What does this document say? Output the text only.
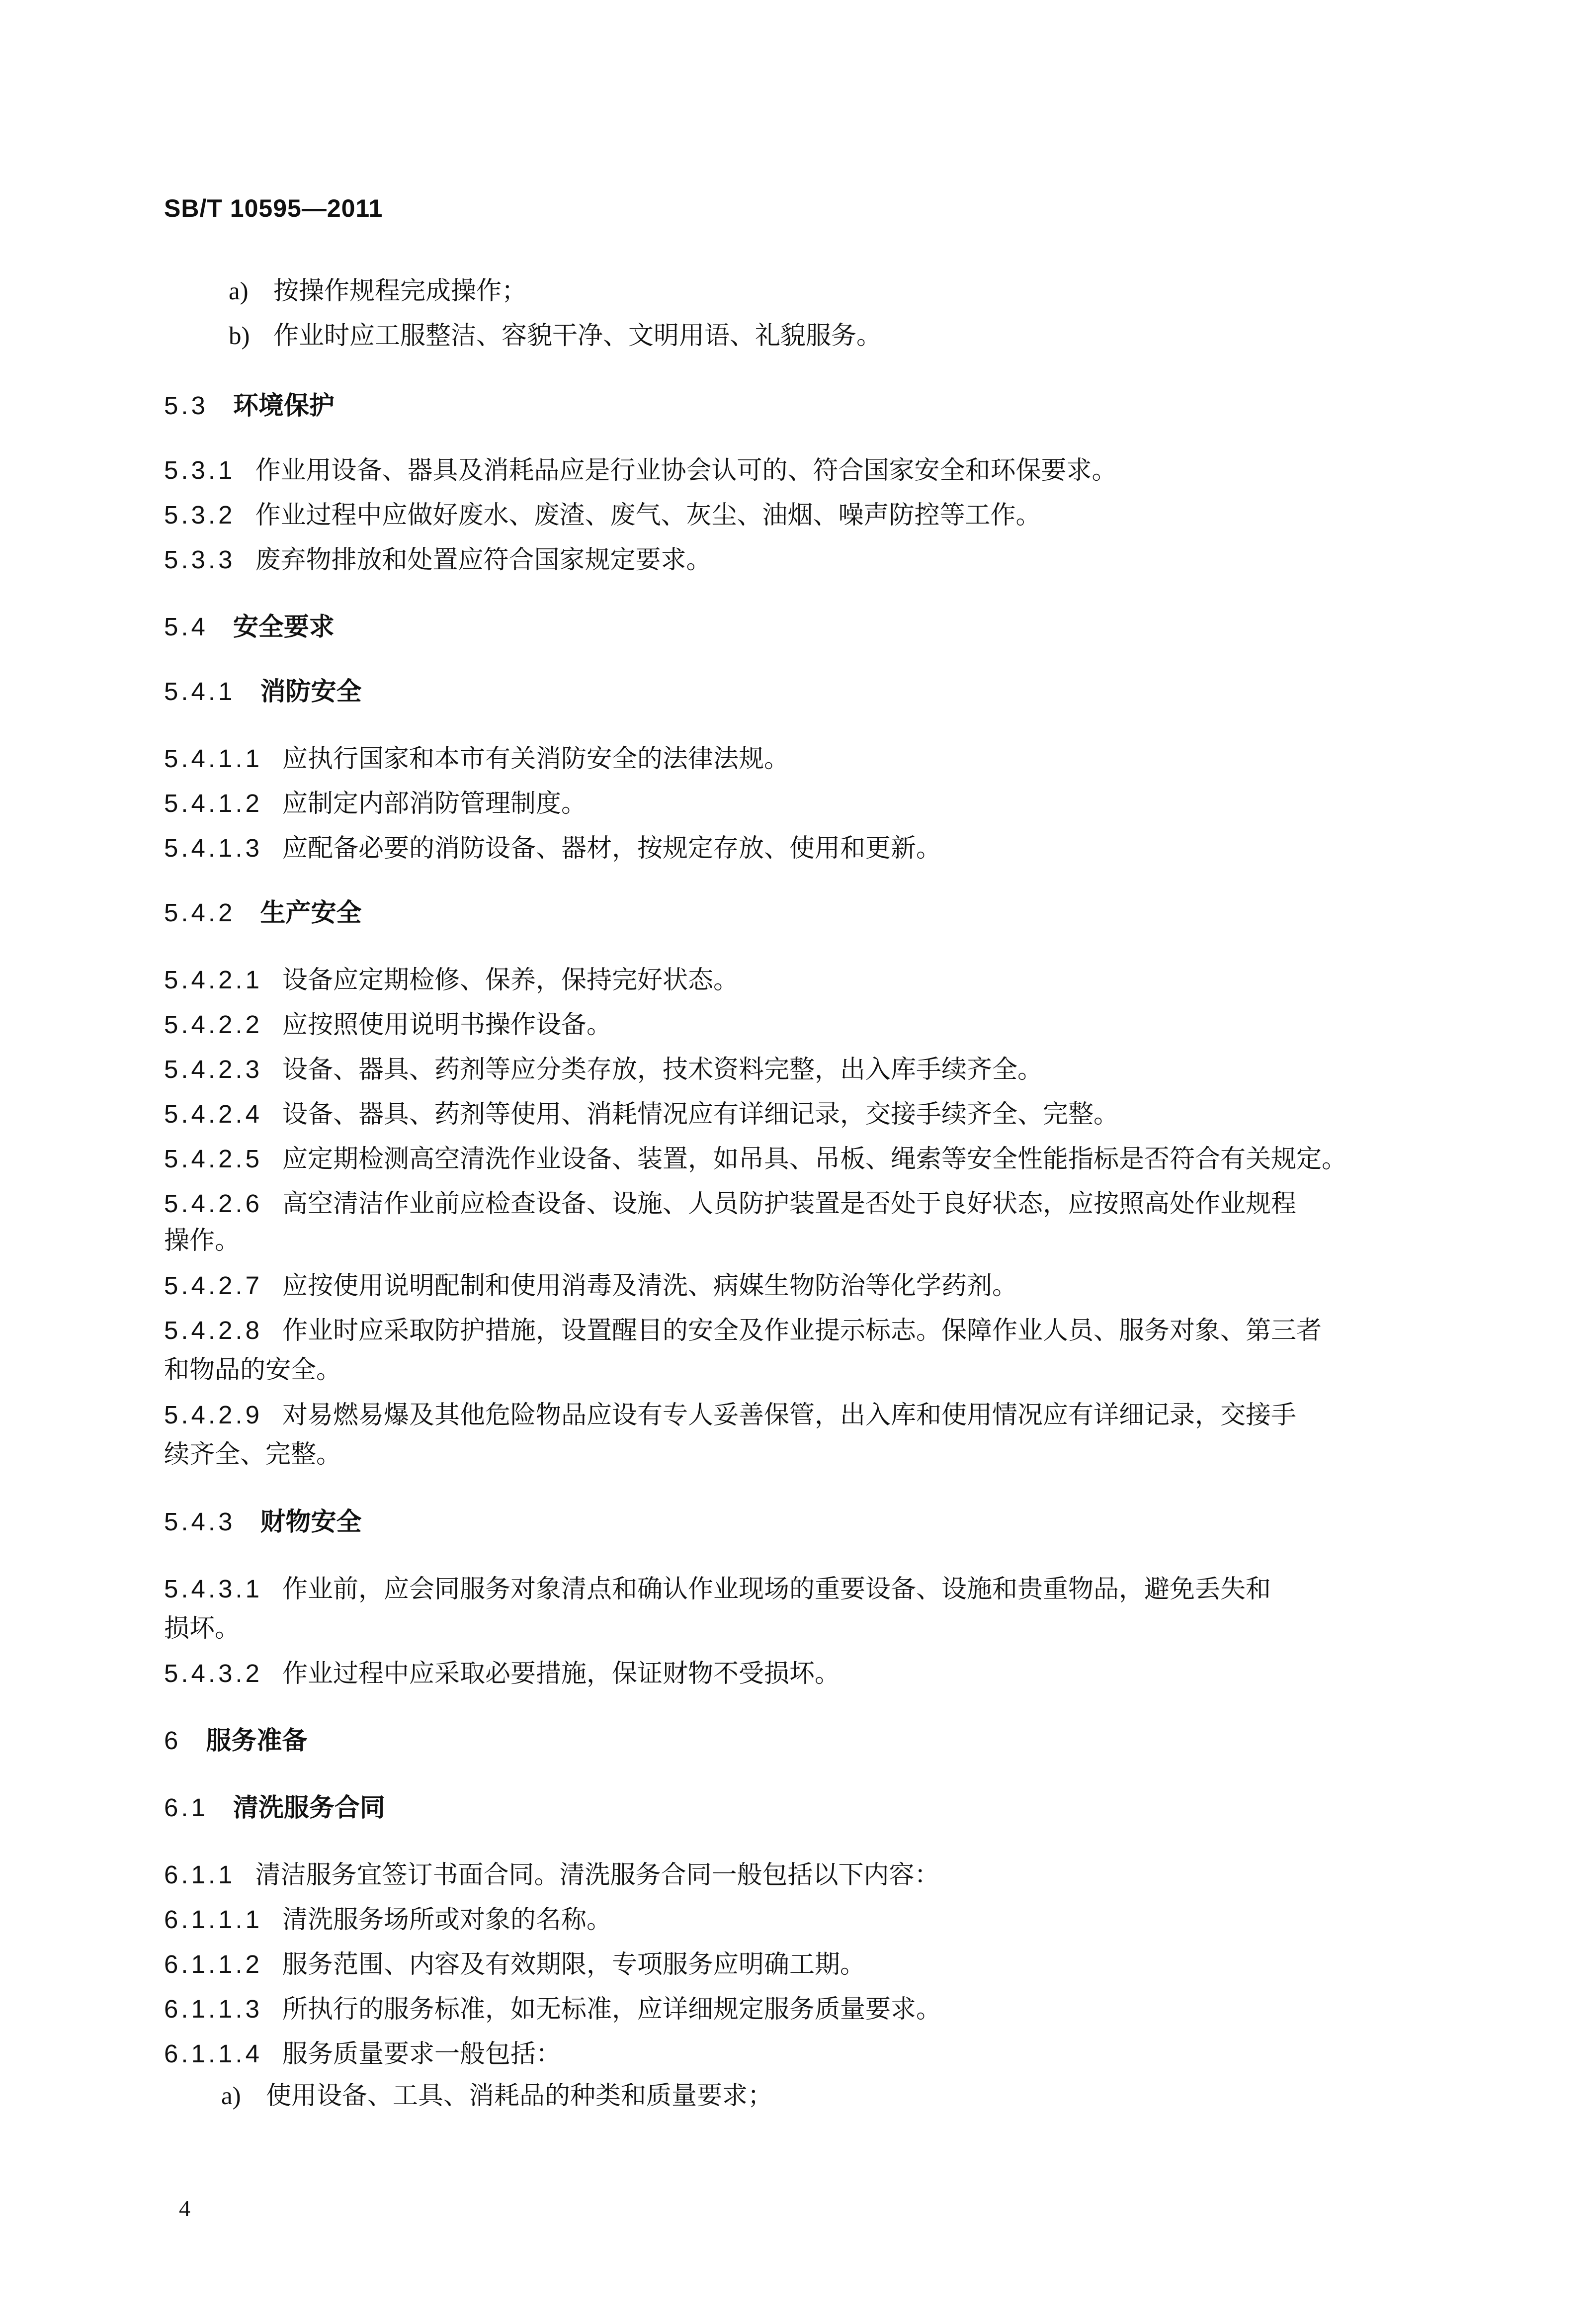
SB/T 10595—2011
a) 按操作规程完成操作；
b) 作业时应工服整洁、容貌干净、文明用语、礼貌服务。
5.3 环境保护
5.3.1 作业用设备、器具及消耗品应是行业协会认可的、符合国家安全和环保要求。
5.3.2 作业过程中应做好废水、废渣、废气、灰尘、油烟、噪声防控等工作。
5.3.3 废弃物排放和处置应符合国家规定要求。
5.4 安全要求
5.4.1 消防安全
5.4.1.1 应执行国家和本市有关消防安全的法律法规。
5.4.1.2 应制定内部消防管理制度。
5.4.1.3 应配备必要的消防设备、器材，按规定存放、使用和更新。
5.4.2 生产安全
5.4.2.1 设备应定期检修、保养，保持完好状态。
5.4.2.2 应按照使用说明书操作设备。
5.4.2.3 设备、器具、药剂等应分类存放，技术资料完整，出入库手续齐全。
5.4.2.4 设备、器具、药剂等使用、消耗情况应有详细记录，交接手续齐全、完整。
5.4.2.5 应定期检测高空清洗作业设备、装置，如吊具、吊板、绳索等安全性能指标是否符合有关规定。
5.4.2.6 高空清洁作业前应检查设备、设施、人员防护装置是否处于良好状态，应按照高处作业规程
操作。
5.4.2.7 应按使用说明配制和使用消毒及清洗、病媒生物防治等化学药剂。
5.4.2.8 作业时应采取防护措施，设置醒目的安全及作业提示标志。保障作业人员、服务对象、第三者
和物品的安全。
5.4.2.9 对易燃易爆及其他危险物品应设有专人妥善保管，出入库和使用情况应有详细记录，交接手
续齐全、完整。
5.4.3 财物安全
5.4.3.1 作业前，应会同服务对象清点和确认作业现场的重要设备、设施和贵重物品，避免丢失和
损坏。
5.4.3.2 作业过程中应采取必要措施，保证财物不受损坏。
6 服务准备
6.1 清洗服务合同
6.1.1 清洁服务宜签订书面合同。清洗服务合同一般包括以下内容：
6.1.1.1 清洗服务场所或对象的名称。
6.1.1.2 服务范围、内容及有效期限，专项服务应明确工期。
6.1.1.3 所执行的服务标准，如无标准，应详细规定服务质量要求。
6.1.1.4 服务质量要求一般包括：
a) 使用设备、工具、消耗品的种类和质量要求；
4
